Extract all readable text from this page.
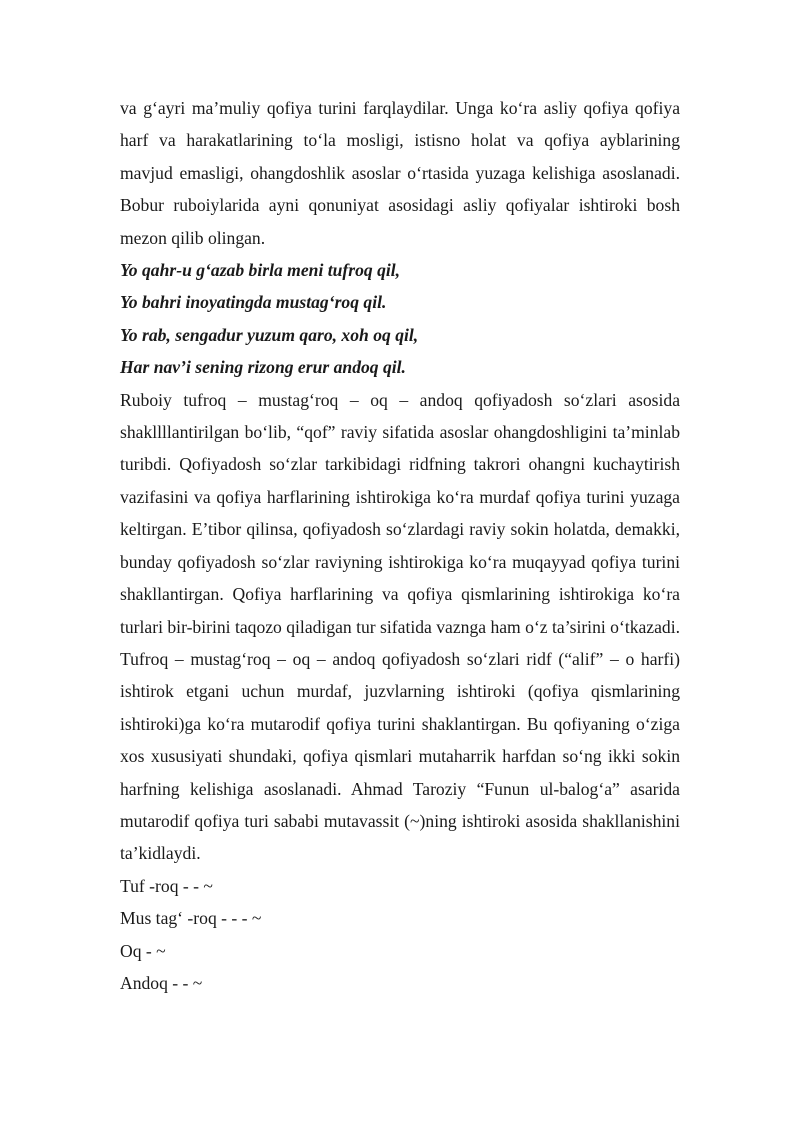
va g‘ayri ma’muliy qofiya turini farqlaydilar. Unga ko‘ra asliy qofiya qofiya harf va harakatlarining to‘la mosligi, istisno holat va qofiya ayblarining mavjud emasligi, ohangdoshlik asoslar o‘rtasida yuzaga kelishiga asoslanadi. Bobur ruboiylarida ayni qonuniyat asosidagi asliy qofiyalar ishtiroki bosh mezon qilib olingan.

Yo qahr-u g‘azab birla meni tufroq qil,

Yo bahri inoyatingda mustag‘roq qil.

Yo rab, sengadur yuzum qaro, xoh oq qil,

Har nav’i sening rizong erur andoq qil.

Ruboiy tufroq – mustag‘roq – oq – andoq qofiyadosh so‘zlari asosida shakllllantirilgan bo‘lib, “qof” raviy sifatida asoslar ohangdoshligini ta’minlab turibdi. Qofiyadosh so‘zlar tarkibidagi ridfning takrori ohangni kuchaytirish vazifasini va qofiya harflarining ishtirokiga ko‘ra murdaf qofiya turini yuzaga keltirgan. E’tibor qilinsa, qofiyadosh so‘zlardagi raviy sokin holatda, demakki, bunday qofiyadosh so‘zlar raviyning ishtirokiga ko‘ra muqayyad qofiya turini shakllantirgan. Qofiya harflarining va qofiya qismlarining ishtirokiga ko‘ra turlari bir-birini taqozo qiladigan tur sifatida vaznga ham o‘z ta’sirini o‘tkazadi. Tufroq – mustag‘roq – oq – andoq qofiyadosh so‘zlari ridf (“alif” – o harfi) ishtirok etgani uchun murdaf, juzvlarning ishtiroki (qofiya qismlarining ishtiroki)ga ko‘ra mutarodif qofiya turini shaklantirgan. Bu qofiyaning o‘ziga xos xususiyati shundaki, qofiya qismlari mutaharrik harfdan so‘ng ikki sokin harfning kelishiga asoslanadi. Ahmad Taroziy “Funun ul-balog‘a” asarida mutarodif qofiya turi sababi mutavassit (~)ning ishtiroki asosida shakllanishini ta’kidlaydi.

Tuf -roq - - ~

Mus tag‘ -roq - - - ~

Oq - ~

Andoq - - ~
